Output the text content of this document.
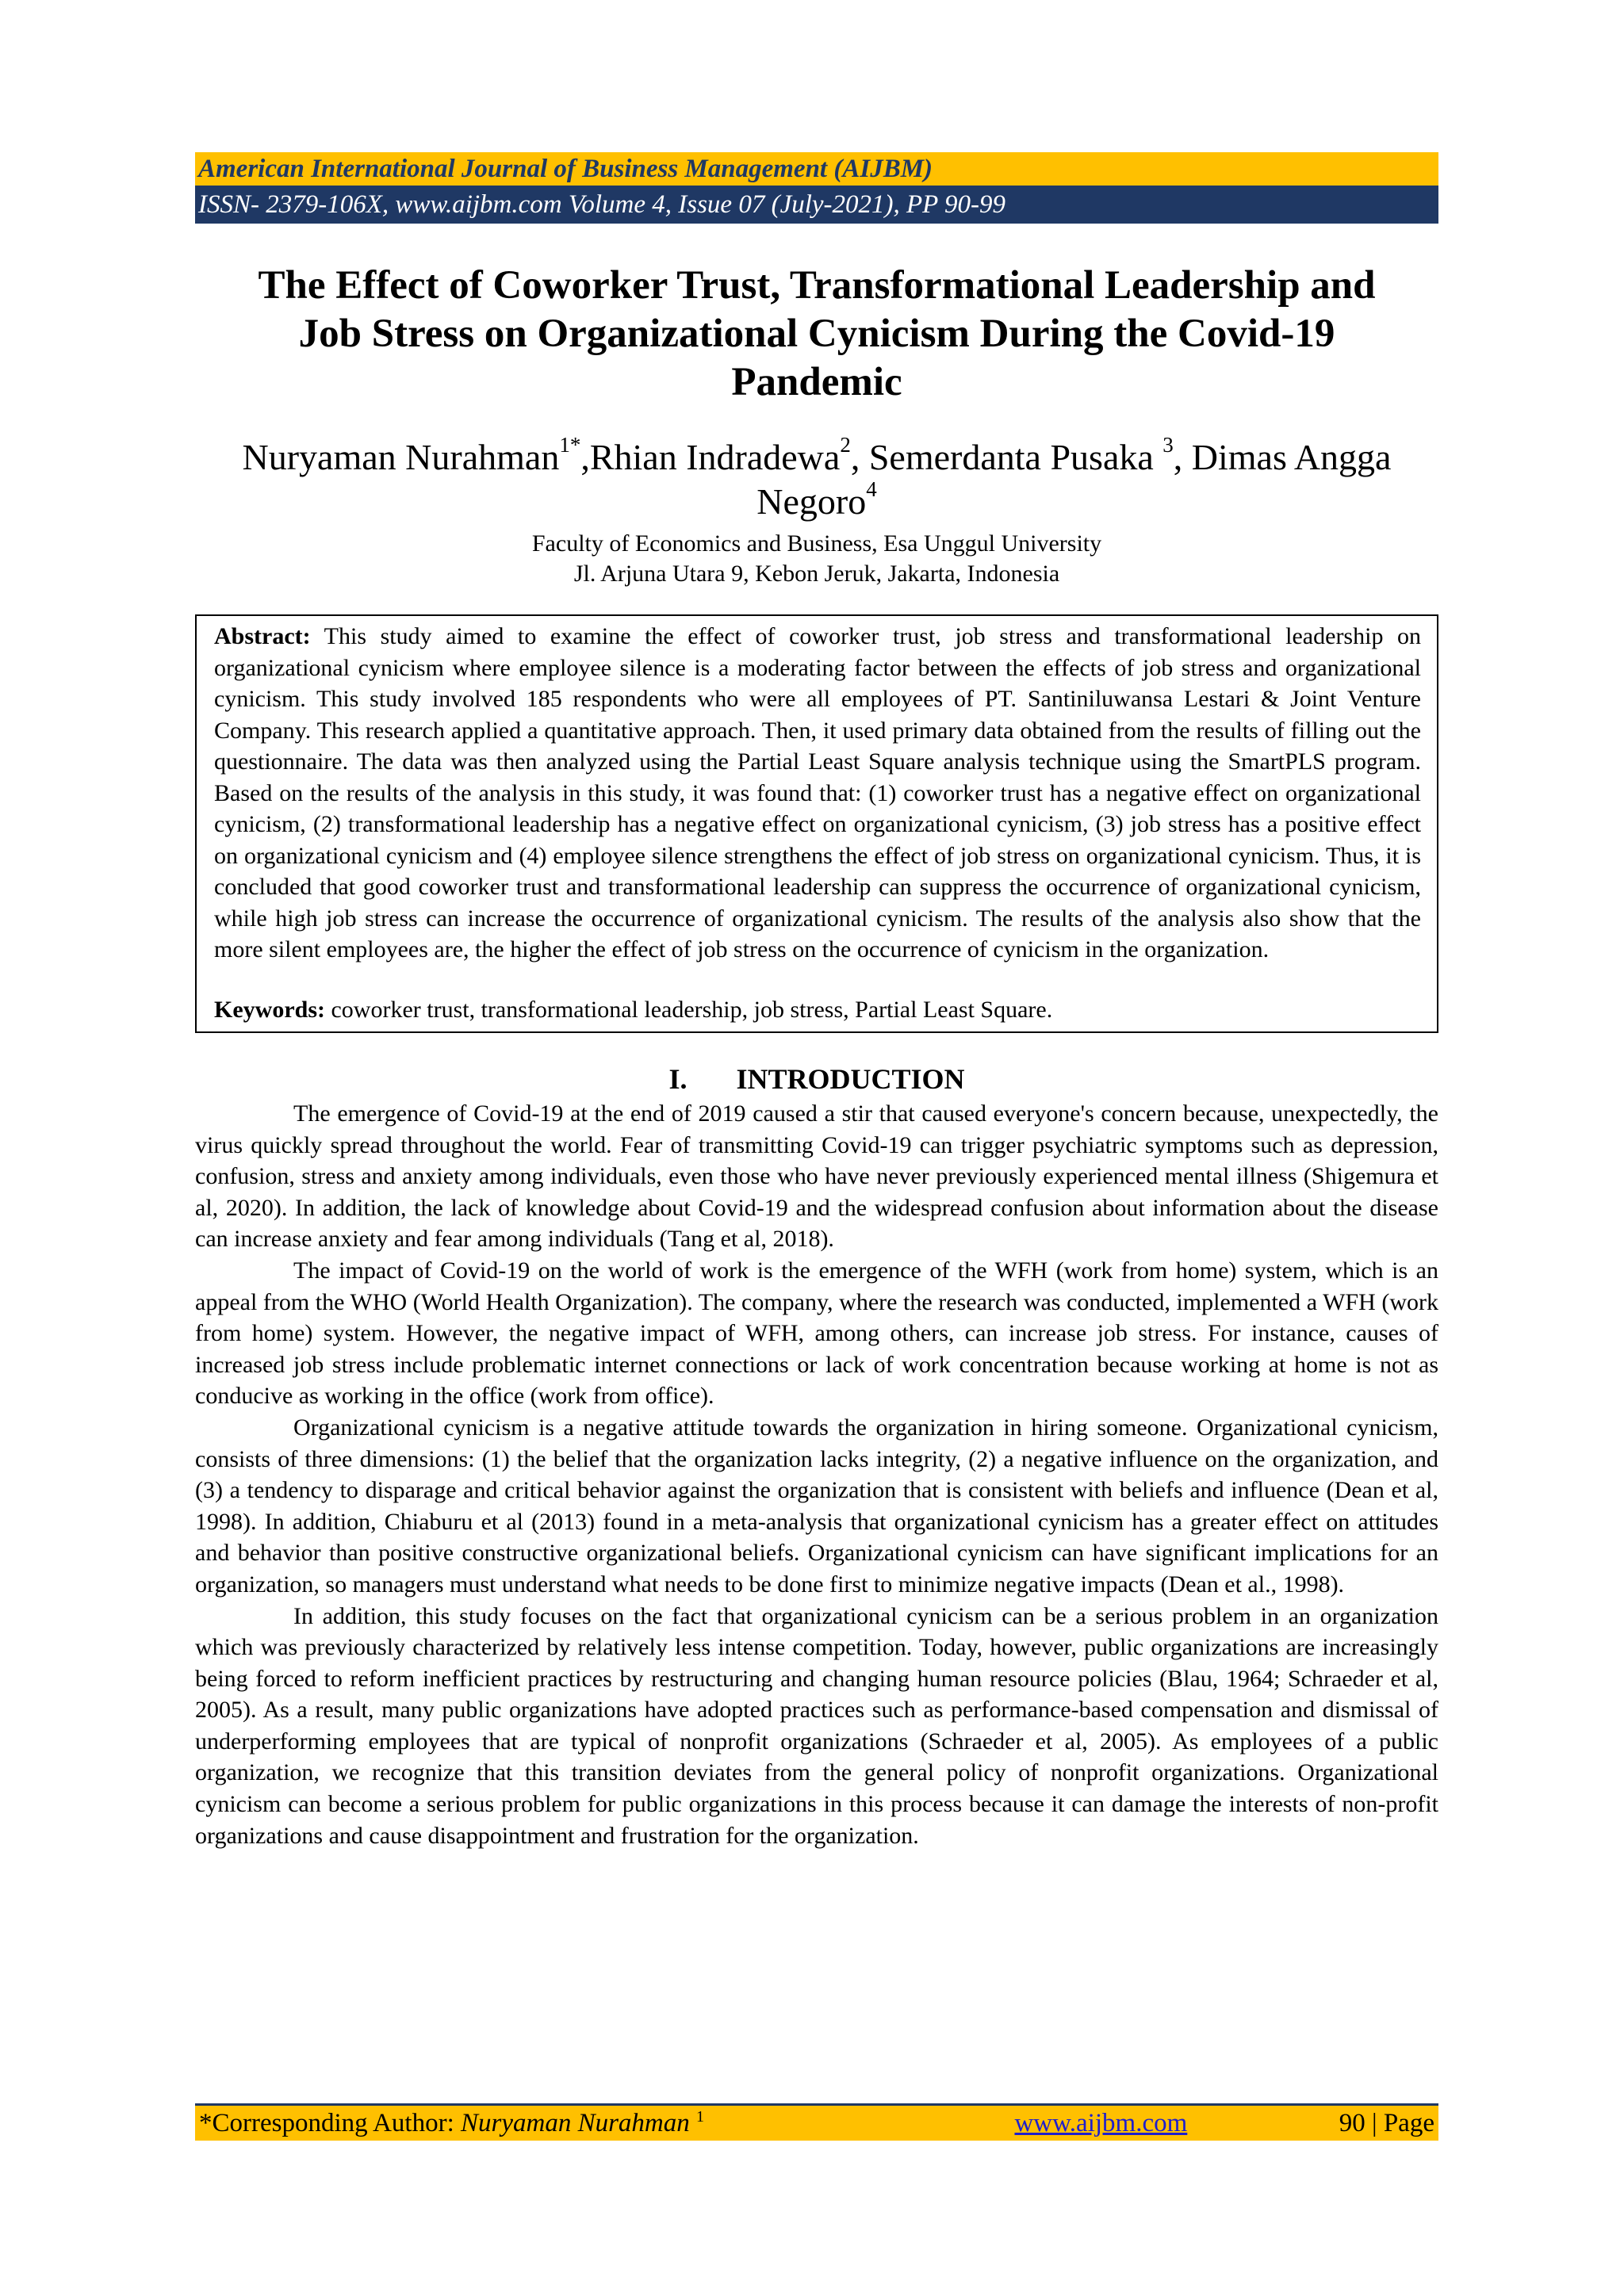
American International Journal of Business Management (AIJBM)
ISSN- 2379-106X, www.aijbm.com Volume 4, Issue 07 (July-2021), PP 90-99
The Effect of Coworker Trust, Transformational Leadership and
Job Stress on Organizational Cynicism During the Covid-19
Pandemic
Nuryaman Nurahman$^{1*}$,Rhian Indradewa$^2$, Semerdanta Pusaka $^3$, Dimas Angga
Negoro$^4$
Faculty of Economics and Business, Esa Unggul University
Jl. Arjuna Utara 9, Kebon Jeruk, Jakarta, Indonesia
Abstract: This study aimed to examine the effect of coworker trust, job stress and transformational leadership on organizational cynicism where employee silence is a moderating factor between the effects of job stress and organizational cynicism. This study involved 185 respondents who were all employees of PT. Santiniluwansa Lestari & Joint Venture Company. This research applied a quantitative approach. Then, it used primary data obtained from the results of filling out the questionnaire. The data was then analyzed using the Partial Least Square analysis technique using the SmartPLS program. Based on the results of the analysis in this study, it was found that: (1) coworker trust has a negative effect on organizational cynicism, (2) transformational leadership has a negative effect on organizational cynicism, (3) job stress has a positive effect on organizational cynicism and (4) employee silence strengthens the effect of job stress on organizational cynicism. Thus, it is concluded that good coworker trust and transformational leadership can suppress the occurrence of organizational cynicism, while high job stress can increase the occurrence of organizational cynicism. The results of the analysis also show that the more silent employees are, the higher the effect of job stress on the occurrence of cynicism in the organization.
Keywords: coworker trust, transformational leadership, job stress, Partial Least Square.
I. INTRODUCTION

The emergence of Covid-19 at the end of 2019 caused a stir that caused everyone's concern because, unexpectedly, the virus quickly spread throughout the world. Fear of transmitting Covid-19 can trigger psychiatric symptoms such as depression, confusion, stress and anxiety among individuals, even those who have never previously experienced mental illness (Shigemura et al, 2020). In addition, the lack of knowledge about Covid-19 and the widespread confusion about information about the disease can increase anxiety and fear among individuals (Tang et al, 2018).

The impact of Covid-19 on the world of work is the emergence of the WFH (work from home) system, which is an appeal from the WHO (World Health Organization). The company, where the research was conducted, implemented a WFH (work from home) system. However, the negative impact of WFH, among others, can increase job stress. For instance, causes of increased job stress include problematic internet connections or lack of work concentration because working at home is not as conducive as working in the office (work from office).

Organizational cynicism is a negative attitude towards the organization in hiring someone. Organizational cynicism, consists of three dimensions: (1) the belief that the organization lacks integrity, (2) a negative influence on the organization, and (3) a tendency to disparage and critical behavior against the organization that is consistent with beliefs and influence (Dean et al, 1998). In addition, Chiaburu et al (2013) found in a meta-analysis that organizational cynicism has a greater effect on attitudes and behavior than positive constructive organizational beliefs. Organizational cynicism can have significant implications for an organization, so managers must understand what needs to be done first to minimize negative impacts (Dean et al., 1998).

In addition, this study focuses on the fact that organizational cynicism can be a serious problem in an organization which was previously characterized by relatively less intense competition. Today, however, public organizations are increasingly being forced to reform inefficient practices by restructuring and changing human resource policies (Blau, 1964; Schraeder et al, 2005). As a result, many public organizations have adopted practices such as performance-based compensation and dismissal of underperforming employees that are typical of nonprofit organizations (Schraeder et al, 2005). As employees of a public organization, we recognize that this transition deviates from the general policy of nonprofit organizations. Organizational cynicism can become a serious problem for public organizations in this process because it can damage the interests of non-profit organizations and cause disappointment and frustration for the organization.

*Corresponding Author: Nuryaman Nurahman $^1$	www.aijbm.com	90 | Page
